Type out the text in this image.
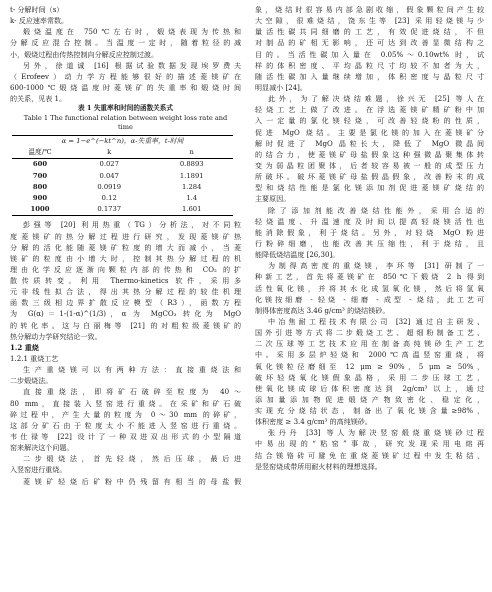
t- 分解时间（s）
k- 反应速率常数。
煅烧温度在 750℃左右时，煅烧表现为传热和
分解反应混合控制。当温度一定时，随着粒径的减
小，煅烧过程由传热控制向分解反应控制过渡。
另外，徐道诚 [16] 根据试验数据发现埃罗费夫
（Erofeev）动力学方程能够很好的描述菱镁矿在
600-1000℃煅烧温度时菱镁矿的失重率和煅烧时间
的关系，见表 1。
表 1 失重率和时间的函数关系式
Table 1 The functional relation between weight loss rate and
time
α = 1−e^(−kt^n)，α-失重率，t-时间		
温度/℃	k	n
600	0.027	0.8893
700	0.047	1.1891
800	0.0919	1.284
900	0.12	1.4
1000	0.1737	1.601
彭强等 [20] 利用热重（TG）分析法，对不同粒
度菱镁矿的热分解过程进行研究，发现菱镁矿热
分解的活化能随菱镁矿粒度的增大而减小，当菱
镁矿的粒度由小增大时，控制其热分解过程的机
理由化学反应逐渐向颗粒内部的传热和 CO₂ 的扩
散传质转变。利用 Thermo-kinetics 软件，采用多
元非线性拟合法，得出其热分解过程的较佳机理
函数三级相边界扩散反应模型（R3），函数方程
为 G(α)＝1-(1-α)^(1/3)，α 为 MgCO₃ 转化为 MgO
的转化率。这与白丽梅等 [21] 的对粗粒级菱镁矿的
热分解动力学研究结论一致。
1.2 重烧
1.2.1 重烧工艺
生产重烧镁可以有两种方法：直接重烧法和
二步煅烧法。
直接重烧法，即将矿石破碎至粒度为 40～
80 mm，直接装入竖窑进行重烧。在采矿和矿石破
碎过程中，产生大量的粒度为 0～30 mm 的碎矿，
这部分矿石由于粒度太小不能进入竖窑进行重烧。
韦仕禄等 [22] 设计了一种双进双出形式的小型隔道
窑来解决这个问题。
二步煅烧法，首先轻烧，然后压球，最后进
入竖窑进行重烧。
菱镁矿轻烧后矿粉中仍残留有相当的母盐假
象，烧结时很容易内部急剧收缩，假象颗粒间产生较
大空隙，很难烧结，饶东生等 [23] 采用轻烧镁与少
量活性碳共同细磨的工艺，有效促进烧结，不但
对制品的矿相无影响，还可达到改善显微结构之
目的。当活性碳加入量在 0.05%～0.10wt% 时，试
样的体积密度、平均晶粒尺寸均较不加者为大，
随活性碳加入量继续增加，体积密度与晶粒尺寸
明显减小 [24]。
此外，为了解决烧结难题，徐兴无 [25] 等人在
轻烧工艺上做了改进。在浮选菱镁矿精矿粉中加
入一定量的氯化镁轻烧，可改善轻烧粉的性质，
促进 MgO 烧结。主要是氯化镁的加入在菱镁矿分
解时促进了 MgO 晶粒长大，降低了 MgO 微晶间
的结合力，使菱镁矿母盐假象这种强微晶聚集体转
变为弱晶粒团聚体，后者较容易被一般的成型压力
所破坏。破坏菱镁矿母盐假晶假象，改善粉末的成
型和烧结性能是氯化镁添加剂促进菱镁矿烧结的
主要原因。
除了添加剂能改善烧结性能外，采用合适的
轻烧温度、升温速度及时间以提高轻烧镁活性也
能消除假象，利于烧结。另外，对轻烧 MgO 粉进
行粉碎细磨，也能改善其压缩性，利于烧结，且
能降低烧结温度 [26,30]。
为制得高密度的重烧镁，李环等 [31] 研制了一
种新工艺，首先将菱镁矿在 850℃下煅烧 2 h 得到
活性氧化镁，并将其水化成氢氧化镁，然后将氢氧
化镁按细磨 - 轻烧 - 细磨 - 成型 - 烧结，此工艺可
制得体密度高达 3.46 g/cm³ 的烧结镁砂。
中冶焦耐工程技术有限公司 [32] 通过自主研发、
国外引进等方式将二步煅烧工艺、超细粉制备工艺、
二次压球等工艺技术应用在制备高纯镁砂生产工艺
中。采用多层炉轻烧和 2000℃高温竖窑重烧，将
氧化镁粒径磨细至 12 μm ≥ 90%，5 μm ≥ 50%，
破坏轻烧氧化镁假象晶格，采用二步压球工艺，
使氧化镁成球后体积密度达到 2g/cm³ 以上，通过
添加量添加物促进煅烧产物致密化、稳定化，
实现充分烧结状态，制备出了氧化镁含量≥98%，
体积密度 ≥ 3.4 g/cm³ 的高纯镁砂。
张丹丹 [33] 等人为解决竖窑煅烧重烧镁砂过程
中易出现的“粘窑”事故，研究发现采用电熔再
结合镁铬砖可避免在重烧菱镁矿过程中发生粘结，
是竖窑烧成带所用耐火材料的理想选择。
